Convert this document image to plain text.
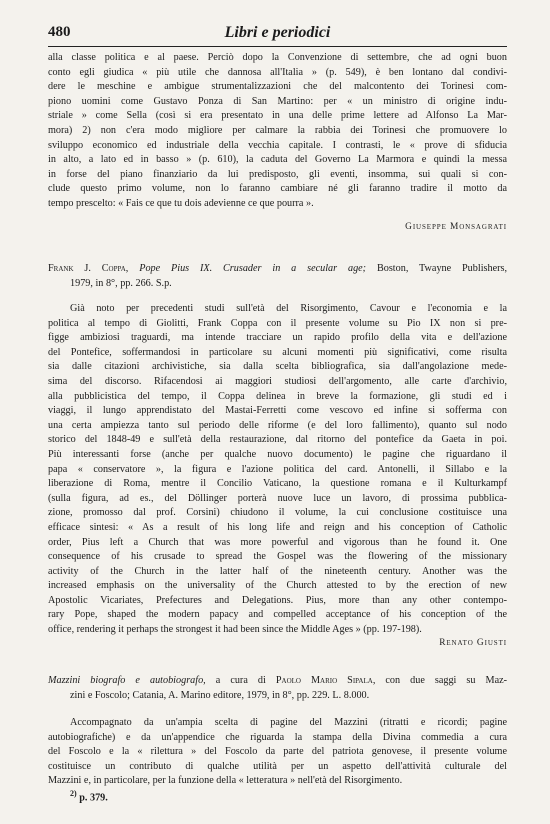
480	Libri e periodici

alla classe politica e al paese. Perciò dopo la Convenzione di settembre, che ad ogni buon

conto egli giudica « più utile che dannosa all'Italia » (p. 549), è ben lontano dal condivi-

dere le meschine e ambigue strumentalizzazioni che del malcontento dei Torinesi com-

piono uomini come Gustavo Ponza di San Martino: per « un ministro di origine indu-

striale » come Sella (così si era presentato in una delle prime lettere ad Alfonso La Mar-

mora) 2) non c'era modo migliore per calmare la rabbia dei Torinesi che promuovere lo

sviluppo economico ed industriale della vecchia capitale. I contrasti, le « prove di sfiducia

in alto, a lato ed in basso » (p. 610), la caduta del Governo La Marmora e quindi la messa

in forse del piano finanziario da lui predisposto, gli eventi, insomma, sui quali si con-

clude questo primo volume, non lo faranno cambiare né gli faranno tradire il motto da

tempo prescelto: « Fais ce que tu dois adevienne ce que pourra ».

Giuseppe Monsagrati

Frank J. Coppa, Pope Pius IX. Crusader in a secular age; Boston, Twayne Publishers,

1979, in 8°, pp. 266. S.p.

Già noto per precedenti studi sull'età del Risorgimento, Cavour e l'economia e la

politica al tempo di Giolitti, Frank Coppa con il presente volume su Pio IX non si pre-

figge ambiziosi traguardi, ma intende tracciare un rapido profilo della vita e dell'azione

del Pontefice, soffermandosi in particolare su alcuni momenti più significativi, come risulta

sia dalle citazioni archivistiche, sia dalla scelta bibliografica, sia dall'angolazione mede-

sima del discorso. Rifacendosi ai maggiori studiosi dell'argomento, alle carte d'archivio,

alla pubblicistica del tempo, il Coppa delinea in breve la formazione, gli studi ed i

viaggi, il lungo apprendistato del Mastai-Ferretti come vescovo ed infine si sofferma con

una certa ampiezza tanto sul periodo delle riforme (e del loro fallimento), quanto sul nodo

storico del 1848-49 e sull'età della restaurazione, dal ritorno del pontefice da Gaeta in poi.

Più interessanti forse (anche per qualche nuovo documento) le pagine che riguardano il

papa « conservatore », la figura e l'azione politica del card. Antonelli, il Sillabo e la

liberazione di Roma, mentre il Concilio Vaticano, la questione romana e il Kulturkampf

(sulla figura, ad es., del Döllinger porterà nuove luce un lavoro, di prossima pubblica-

zione, promosso dal prof. Corsini) chiudono il volume, la cui conclusione costituisce una

efficace sintesi: « As a result of his long life and reign and his conception of Catholic

order, Pius left a Church that was more powerful and vigorous than he found it. One

consequence of his crusade to spread the Gospel was the flowering of the missionary

activity of the Church in the latter half of the nineteenth century. Another was the

increased emphasis on the universality of the Church attested to by the erection of new

Apostolic Vicariates, Prefectures and Delegations. Pius, more than any other contempo-

rary Pope, shaped the modern papacy and compelled acceptance of his conception of the

office, rendering it perhaps the strongest it had been since the Middle Ages » (pp. 197-198).

Renato Giusti

Mazzini biografo e autobiografo, a cura di Paolo Mario Sipala, con due saggi su Maz-

zini e Foscolo; Catania, A. Marino editore, 1979, in 8°, pp. 229. L. 8.000.

Accompagnato da un'ampia scelta di pagine del Mazzini (ritratti e ricordi; pagine

autobiografiche) e da un'appendice che riguarda la stampa della Divina commedia a cura

del Foscolo e la « rilettura » del Foscolo da parte del patriota genovese, il presente volume

costituisce un contributo di qualche utilità per un aspetto dell'attività culturale del

Mazzini e, in particolare, per la funzione della « letteratura » nell'età del Risorgimento.

$^{2)}$ p. 379.
